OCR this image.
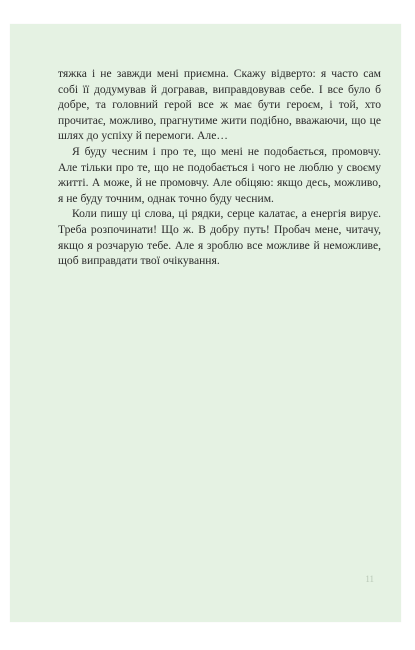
тяжка і не завжди мені приємна. Скажу відверто: я часто сам собі її додумував й догравав, виправдовував себе. І все було б добре, та головний герой все ж має бути героєм, і той, хто прочитає, можливо, прагнутиме жити подібно, вважаючи, що це шлях до успіху й перемоги. Але…

Я буду чесним і про те, що мені не подобається, промовчу. Але тільки про те, що не подобається і чого не люблю у своєму житті. А може, й не промовчу. Але обіцяю: якщо десь, можливо, я не буду точним, однак точно буду чесним.

Коли пишу ці слова, ці рядки, серце калатає, а енергія вирує. Треба розпочинати! Що ж. В добру путь! Пробач мене, читачу, якщо я розчарую тебе. Але я зроблю все можливе й неможливе, щоб виправдати твої очікування.

11
